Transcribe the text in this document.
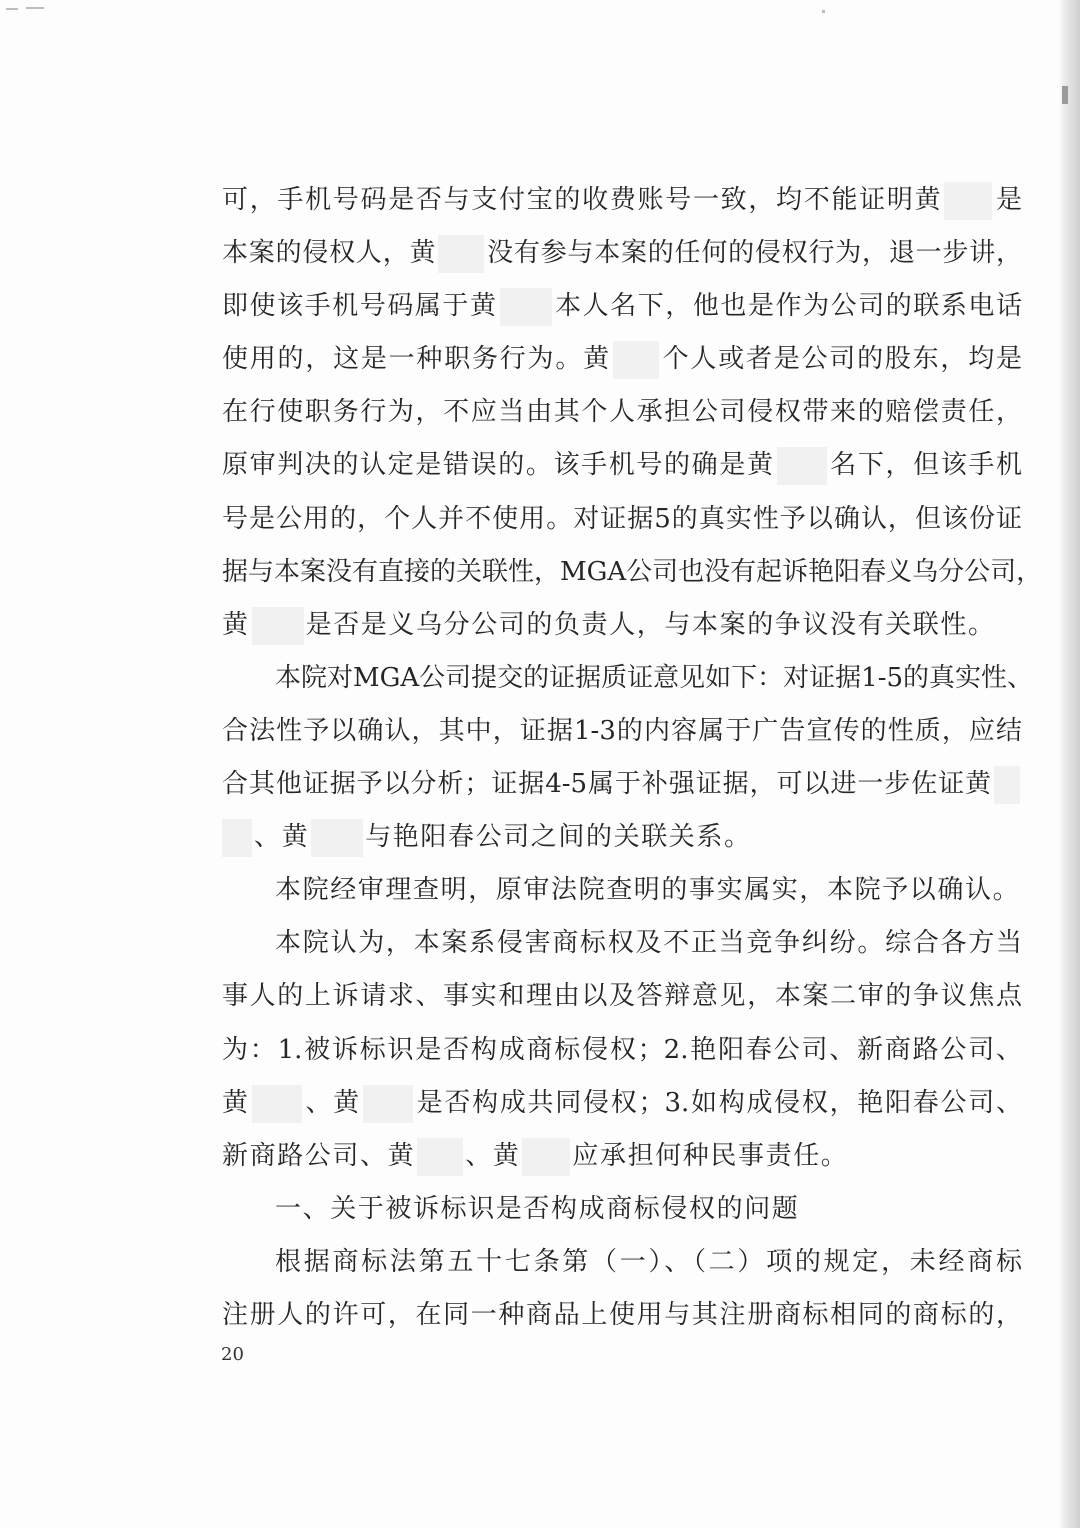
可，手机号码是否与支付宝的收费账号一致，均不能证明黄 是
本案的侵权人，黄 没有参与本案的任何的侵权行为，退一步讲，
即使该手机号码属于黄 本人名下，他也是作为公司的联系电话
使用的，这是一种职务行为。黄 个人或者是公司的股东，均是
在行使职务行为，不应当由其个人承担公司侵权带来的赔偿责任，
原审判决的认定是错误的。该手机号的确是黄 名下，但该手机
号是公用的，个人并不使用。对证据5的真实性予以确认，但该份证
据与本案没有直接的关联性，MGA公司也没有起诉艳阳春义乌分公司，
黄 是否是义乌分公司的负责人，与本案的争议没有关联性。
本院对MGA公司提交的证据质证意见如下：对证据1-5的真实性、
合法性予以确认，其中，证据1-3的内容属于广告宣传的性质，应结
合其他证据予以分析；证据4-5属于补强证据，可以进一步佐证黄
、黄 与艳阳春公司之间的关联关系。
本院经审理查明，原审法院查明的事实属实，本院予以确认。
本院认为，本案系侵害商标权及不正当竞争纠纷。综合各方当
事人的上诉请求、事实和理由以及答辩意见，本案二审的争议焦点
为：1.被诉标识是否构成商标侵权；2.艳阳春公司、新商路公司、
黄 、黄 是否构成共同侵权；3.如构成侵权，艳阳春公司、
新商路公司、黄 、黄 应承担何种民事责任。
一、关于被诉标识是否构成商标侵权的问题
根据商标法第五十七条第（一）、（二）项的规定，未经商标
注册人的许可，在同一种商品上使用与其注册商标相同的商标的，
20
